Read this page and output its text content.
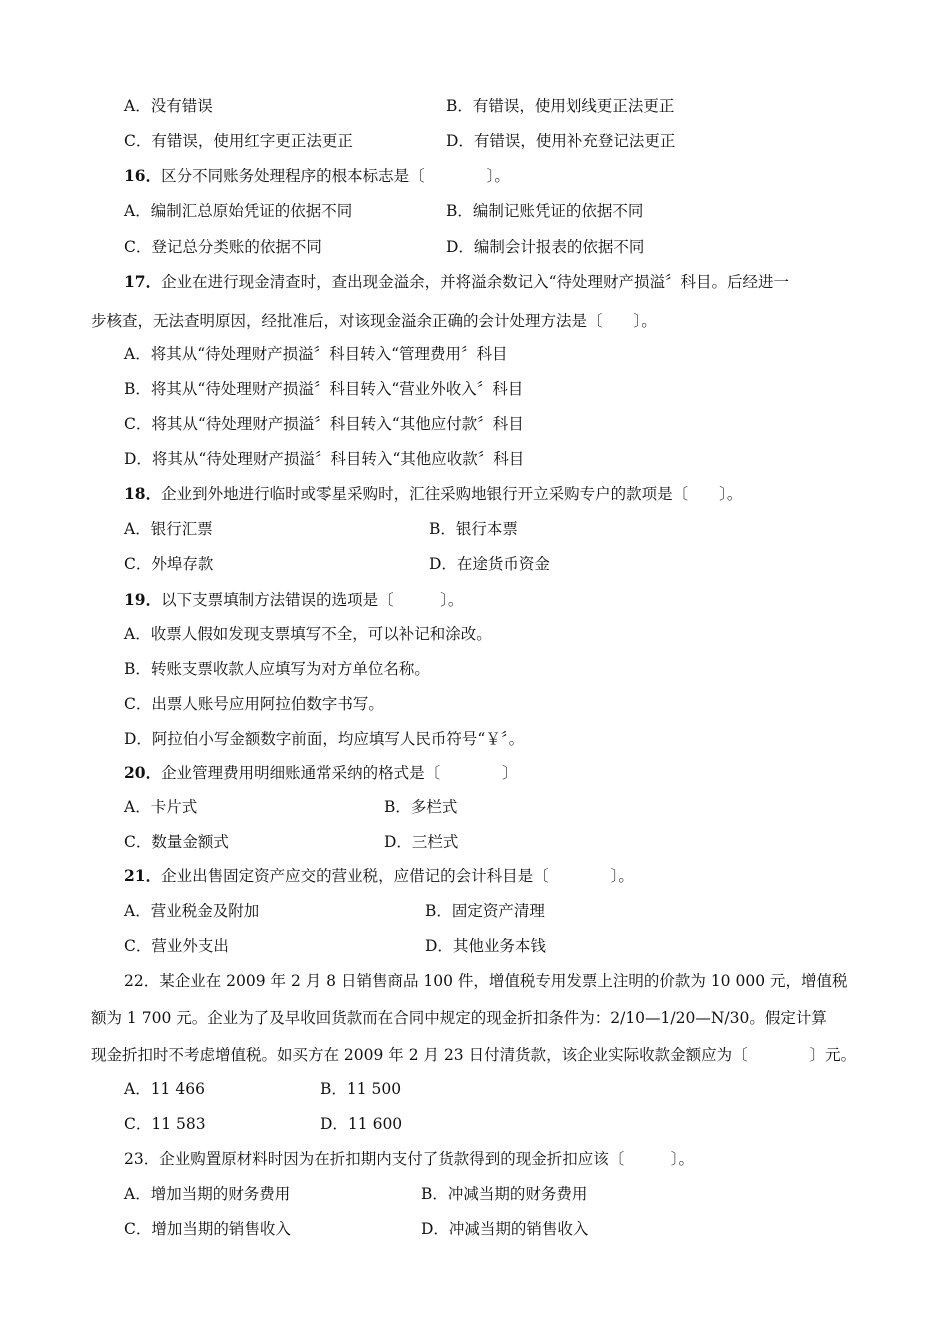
A．没有错误	B．有错误，使用划线更正法更正
C．有错误，使用红字更正法更正	D．有错误，使用补充登记法更正
16．区分不同账务处理程序的根本标志是〔　　　　〕。
A．编制汇总原始凭证的依据不同	B．编制记账凭证的依据不同
C．登记总分类账的依据不同	D．编制会计报表的依据不同
17．企业在进行现金清查时，查出现金溢余，并将溢余数记入“待处理财产损溢〞科目。后经进一
步核查，无法查明原因，经批准后，对该现金溢余正确的会计处理方法是〔　　〕。
A．将其从“待处理财产损溢〞科目转入“管理费用〞科目
B．将其从“待处理财产损溢〞科目转入“营业外收入〞科目
C．将其从“待处理财产损溢〞科目转入“其他应付款〞科目
D．将其从“待处理财产损溢〞科目转入“其他应收款〞科目
18．企业到外地进行临时或零星采购时，汇往采购地银行开立采购专户的款项是〔　　〕。
A．银行汇票	B．银行本票
C．外埠存款	D．在途货币资金
19．以下支票填制方法错误的选项是〔　　　〕。
A．收票人假如发现支票填写不全，可以补记和涂改。
B．转账支票收款人应填写为对方单位名称。
C．出票人账号应用阿拉伯数字书写。
D．阿拉伯小写金额数字前面，均应填写人民币符号“￥〞。
20．企业管理费用明细账通常采纳的格式是〔　　　　〕
A．卡片式	B．多栏式
C．数量金额式	D．三栏式
21．企业出售固定资产应交的营业税，应借记的会计科目是〔　　　　〕。
A．营业税金及附加	B．固定资产清理
C．营业外支出	D．其他业务本钱
22．某企业在 2009 年 2 月 8 日销售商品 100 件，增值税专用发票上注明的价款为 10 000 元，增值税
额为 1 700 元。企业为了及早收回货款而在合同中规定的现金折扣条件为：2/10—1/20—N/30。假定计算
现金折扣时不考虑增值税。如买方在 2009 年 2 月 23 日付清货款，该企业实际收款金额应为〔　　　　〕元。
A．11 466	B．11 500
C．11 583	D．11 600
23．企业购置原材料时因为在折扣期内支付了货款得到的现金折扣应该〔　　　〕。
A．增加当期的财务费用	B．冲减当期的财务费用
C．增加当期的销售收入	D．冲减当期的销售收入
